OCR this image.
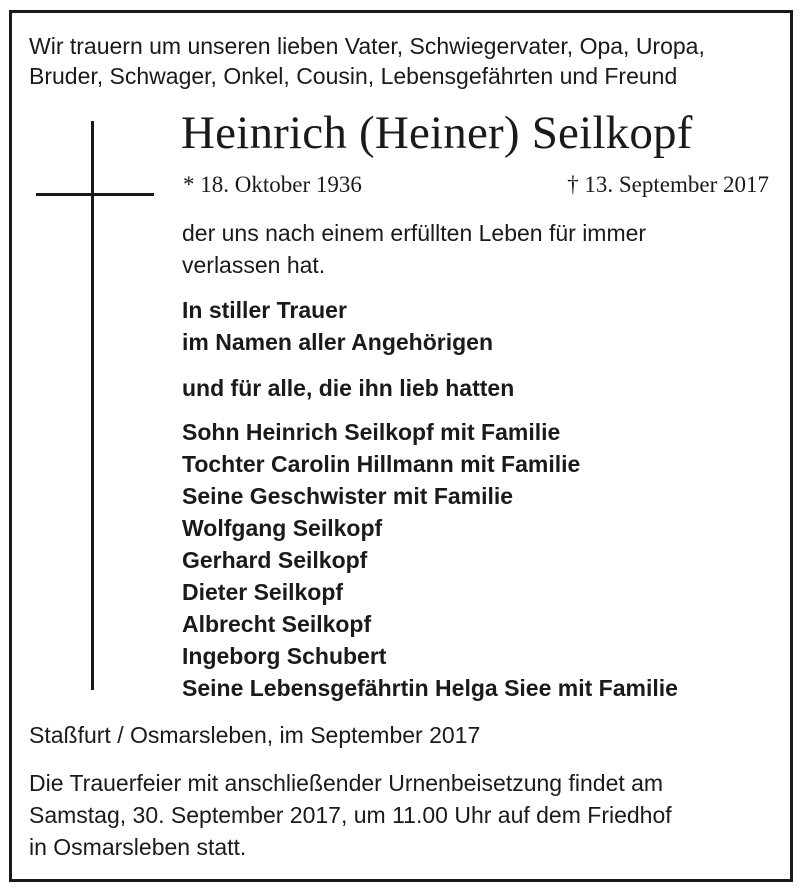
Wir trauern um unseren lieben Vater, Schwiegervater, Opa, Uropa,
Bruder, Schwager, Onkel, Cousin, Lebensgefährten und Freund
Heinrich (Heiner) Seilkopf
* 18. Oktober 1936	† 13. September 2017
der uns nach einem erfüllten Leben für immer
verlassen hat.
In stiller Trauer
im Namen aller Angehörigen
und für alle, die ihn lieb hatten
Sohn Heinrich Seilkopf mit Familie
Tochter Carolin Hillmann mit Familie
Seine Geschwister mit Familie
Wolfgang Seilkopf
Gerhard Seilkopf
Dieter Seilkopf
Albrecht Seilkopf
Ingeborg Schubert
Seine Lebensgefährtin Helga Siee mit Familie
Staßfurt / Osmarsleben, im September 2017
Die Trauerfeier mit anschließender Urnenbeisetzung findet am
Samstag, 30. September 2017, um 11.00 Uhr auf dem Friedhof
in Osmarsleben statt.
